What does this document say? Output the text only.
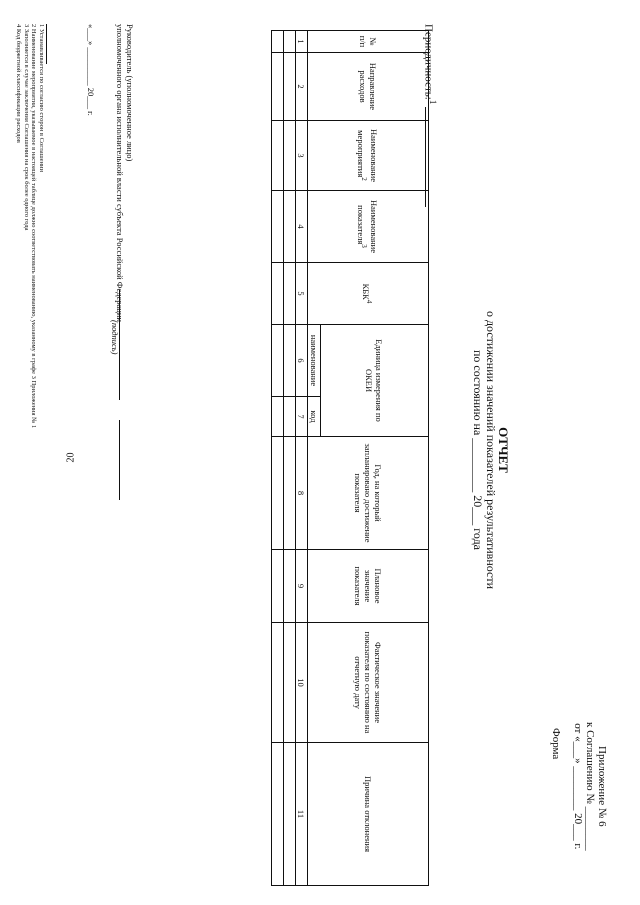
20
Приложение № 6
к Соглашению № ________
от «___» ________ 20___ г.
Форма
ОТЧЕТ
о достижении значений показателей результативности
по состоянию на _________ 20___ года
Периодичность:$^1$
№ п/п	Направление расходов	Наименование мероприятия$^2$	Наименование показателя$^3$	КБК$^4$	Единица измерения по ОКЕИ		Год, на который запланировано достижение показателя	Плановое значение показателя	Фактическое значение показателя по состоянию на отчетную дату	Причина отклонения
					наименование	код				
1	2	3	4	5	6	7	8	9	10	11

Руководитель (уполномоченное лицо)
уполномоченного органа исполнительной власти субъекта Российской Федерации
(подпись)
«___» _________ 20___ г.
1 Устанавливается по согласию сторон в Соглашении
2 Наименование мероприятия, указываемое в настоящей таблице должно соответствовать наименованию, указанному в графе 3 Приложения № 1
3 Заполняется в случае заключения Соглашения на срок более одного года
4 Код бюджетной классификации расходов
